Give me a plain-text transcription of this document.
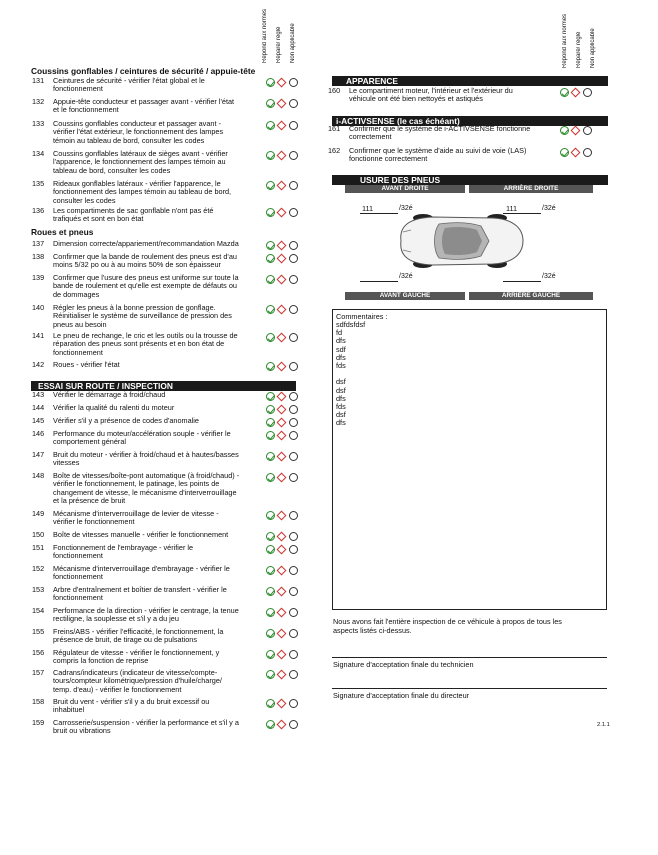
Répond aux normes Réparé/ réglé Non applicable	Répond aux normes Réparé/ réglé Non applicable
Coussins gonflables / ceintures de sécurité / appuie-tête
Roues et pneus
ESSAI SUR ROUTE / INSPECTION
131 Ceintures de sécurité - vérifier l'état global et le
fonctionnement
132 Appuie-tête conducteur et passager avant - vérifier l'état
et le fonctionnement
133 Coussins gonflables conducteur et passager avant -
vérifier l'état extérieur, le fonctionnement des lampes
témoin au tableau de bord, consulter les codes
134 Coussins gonflables latéraux de sièges avant - vérifier
l'apparence, le fonctionnement des lampes témoin au
tableau de bord, consulter les codes
135 Rideaux gonflables latéraux - vérifier l'apparence, le
fonctionnement des lampes témoin au tableau de bord,
consulter les codes
136 Les compartiments de sac gonflable n'ont pas été
trafiqués et sont en bon état
137 Dimension correcte/appariement/recommandation Mazda
138 Confirmer que la bande de roulement des pneus est d'au
moins 5/32 po ou à au moins 50% de son épaisseur
139 Confirmer que l'usure des pneus est uniforme sur toute la
bande de roulement et qu'elle est exempte de défauts ou
de dommages
140 Régler les pneus à la bonne pression de gonflage.
Réinitialiser le système de surveillance de pression des
pneus au besoin
141 Le pneu de rechange, le cric et les outils ou la trousse de
réparation des pneus sont présents et en bon état de
fonctionnement
142 Roues - vérifier l'état
143 Vérifier le démarrage à froid/chaud
144 Vérifier la qualité du ralenti du moteur
145 Vérifier s'il y a présence de codes d'anomalie
146 Performance du moteur/accélération souple - vérifier le
comportement général
147 Bruit du moteur - vérifier à froid/chaud et à hautes/basses
vitesses
148 Boîte de vitesses/boîte-pont automatique (à froid/chaud) -
vérifier le fonctionnement, le patinage, les points de
changement de vitesse, le mécanisme d'interverrouillage
et la présence de bruit
149 Mécanisme d'interverrouillage de levier de vitesse -
vérifier le fonctionnement
150 Boîte de vitesses manuelle - vérifier le fonctionnement
151 Fonctionnement de l'embrayage - vérifier le
fonctionnement
152 Mécanisme d'interverrouillage d'embrayage - vérifier le
fonctionnement
153 Arbre d'entraînement et boîtier de transfert - vérifier le
fonctionnement
154 Performance de la direction - vérifier le centrage, la tenue
rectiligne, la souplesse et s'il y a du jeu
155 Freins/ABS - vérifier l'efficacité, le fonctionnement, la
présence de bruit, de tirage ou de pulsations
156 Régulateur de vitesse - vérifier le fonctionnement, y
compris la fonction de reprise
157 Cadrans/indicateurs (indicateur de vitesse/compte-
tours/compteur kilométrique/pression d'huile/charge/
temp. d'eau) - vérifier le fonctionnement
158 Bruit du vent - vérifier s'il y a du bruit excessif ou
inhabituel
159 Carrosserie/suspension - vérifier la performance et s'il y a
bruit ou vibrations
APPARENCE
i-ACTIVSENSE (le cas échéant)
160 Le compartiment moteur, l'intérieur et l'extérieur du
véhicule ont été bien nettoyés et astiqués
161 Confirmer que le système de i-ACTIVSENSE fonctionne
correctement
162 Confirmer que le système d'aide au suivi de voie (LAS)
fonctionne correctement
USURE DES PNEUS
AVANT DROITE	ARRIÈRE DROITE
111	/32é	111	/32é
/32é	/32é
AVANT GAUCHE	ARRIÈRE GAUCHE
Commentaires :
sdfdsfdsf
fd
dfs
sdf
dfs
fds
dsf
dsf
dfs
fds
dsf
dfs
Nous avons fait l'entière inspection de ce véhicule à propos de tous les
aspects listés ci-dessus.
Signature d'acceptation finale du technicien
Signature d'acceptation finale du directeur
2.1.1
